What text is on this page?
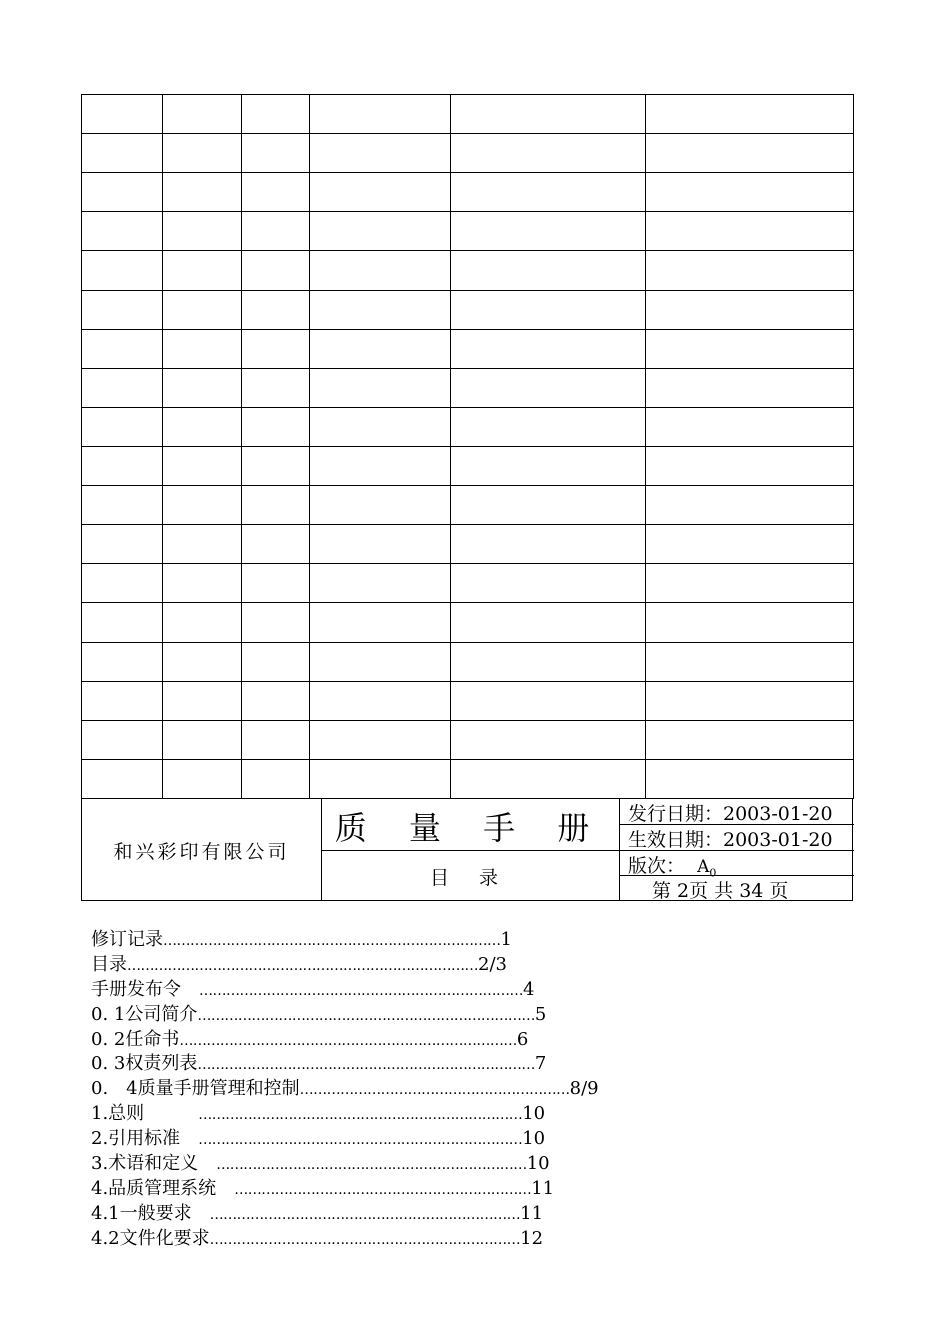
和兴彩印有限公司
质 量 手 册
目 录
发行日期：2003-01-20
生效日期：2003-01-20
版次： $A_0$
第 2页 共 34 页
修订记录…………………………………………………………………1
目录……………………………………………………………………2/3
手册发布令　………………………………………………………………4
0. 1公司简介…………………………………………………………………5
0. 2任命书…………………………………………………………………6
0. 3权责列表…………………………………………………………………7
0.　4质量手册管理和控制……………………………………………………8/9
1.总则　　　………………………………………………………………10
2.引用标准　………………………………………………………………10
3.术语和定义　……………………………………………………………10
4.品质管理系统　…………………………………………………………11
4.1一般要求　……………………………………………………………11
4.2文件化要求……………………………………………………………12
